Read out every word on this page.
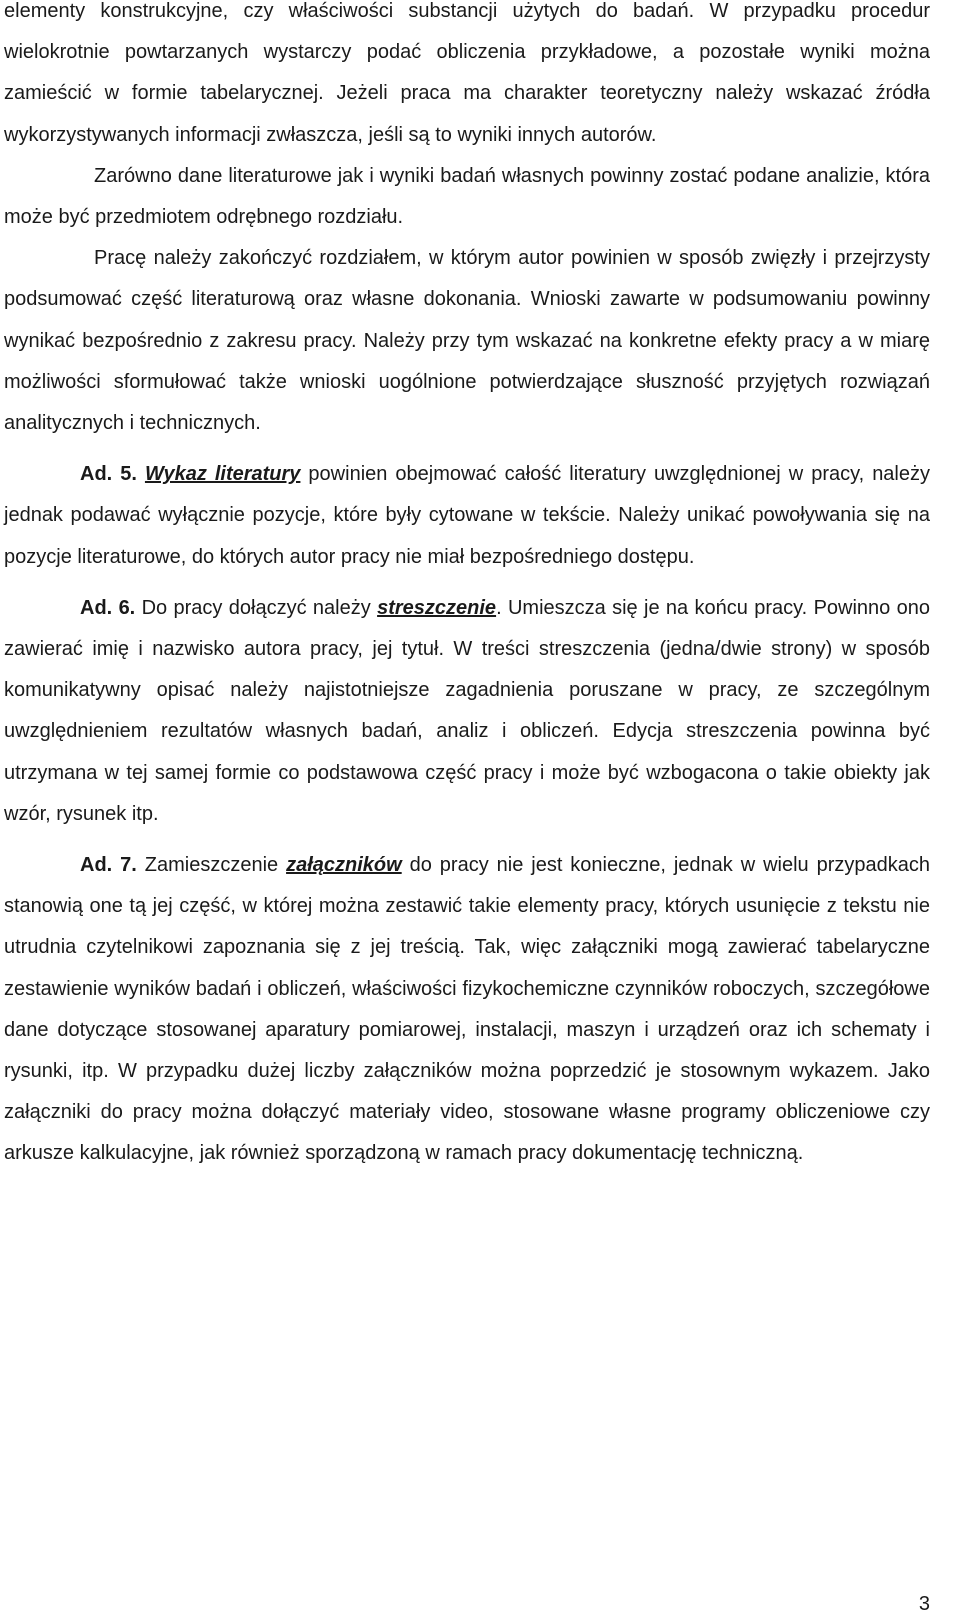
elementy konstrukcyjne, czy właściwości substancji użytych do badań. W przypadku procedur wielokrotnie powtarzanych wystarczy podać obliczenia przykładowe, a pozostałe wyniki można zamieścić w formie tabelarycznej. Jeżeli praca ma charakter teoretyczny należy wskazać źródła wykorzystywanych informacji zwłaszcza, jeśli są to wyniki innych autorów.

Zarówno dane literaturowe jak i wyniki badań własnych powinny zostać podane analizie, która może być przedmiotem odrębnego rozdziału.

Pracę należy zakończyć rozdziałem, w którym autor powinien w sposób zwięzły i przejrzysty podsumować część literaturową oraz własne dokonania. Wnioski zawarte w podsumowaniu powinny wynikać bezpośrednio z zakresu pracy. Należy przy tym wskazać na konkretne efekty pracy a w miarę możliwości sformułować także wnioski uogólnione potwierdzające słuszność przyjętych rozwiązań analitycznych i technicznych.

Ad. 5. Wykaz literatury powinien obejmować całość literatury uwzględnionej w pracy, należy jednak podawać wyłącznie pozycje, które były cytowane w tekście. Należy unikać powoływania się na pozycje literaturowe, do których autor pracy nie miał bezpośredniego dostępu.

Ad. 6. Do pracy dołączyć należy streszczenie. Umieszcza się je na końcu pracy. Powinno ono zawierać imię i nazwisko autora pracy, jej tytuł. W treści streszczenia (jedna/dwie strony) w sposób komunikatywny opisać należy najistotniejsze zagadnienia poruszane w pracy, ze szczególnym uwzględnieniem rezultatów własnych badań, analiz i obliczeń. Edycja streszczenia powinna być utrzymana w tej samej formie co podstawowa część pracy i może być wzbogacona o takie obiekty jak wzór, rysunek itp.

Ad. 7. Zamieszczenie załączników do pracy nie jest konieczne, jednak w wielu przypadkach stanowią one tą jej część, w której można zestawić takie elementy pracy, których usunięcie z tekstu nie utrudnia czytelnikowi zapoznania się z jej treścią. Tak, więc załączniki mogą zawierać tabelaryczne zestawienie wyników badań i obliczeń, właściwości fizykochemiczne czynników roboczych, szczegółowe dane dotyczące stosowanej aparatury pomiarowej, instalacji, maszyn i urządzeń oraz ich schematy i rysunki, itp. W przypadku dużej liczby załączników można poprzedzić je stosownym wykazem. Jako załączniki do pracy można dołączyć materiały video, stosowane własne programy obliczeniowe czy arkusze kalkulacyjne, jak również sporządzoną w ramach pracy dokumentację techniczną.

3
